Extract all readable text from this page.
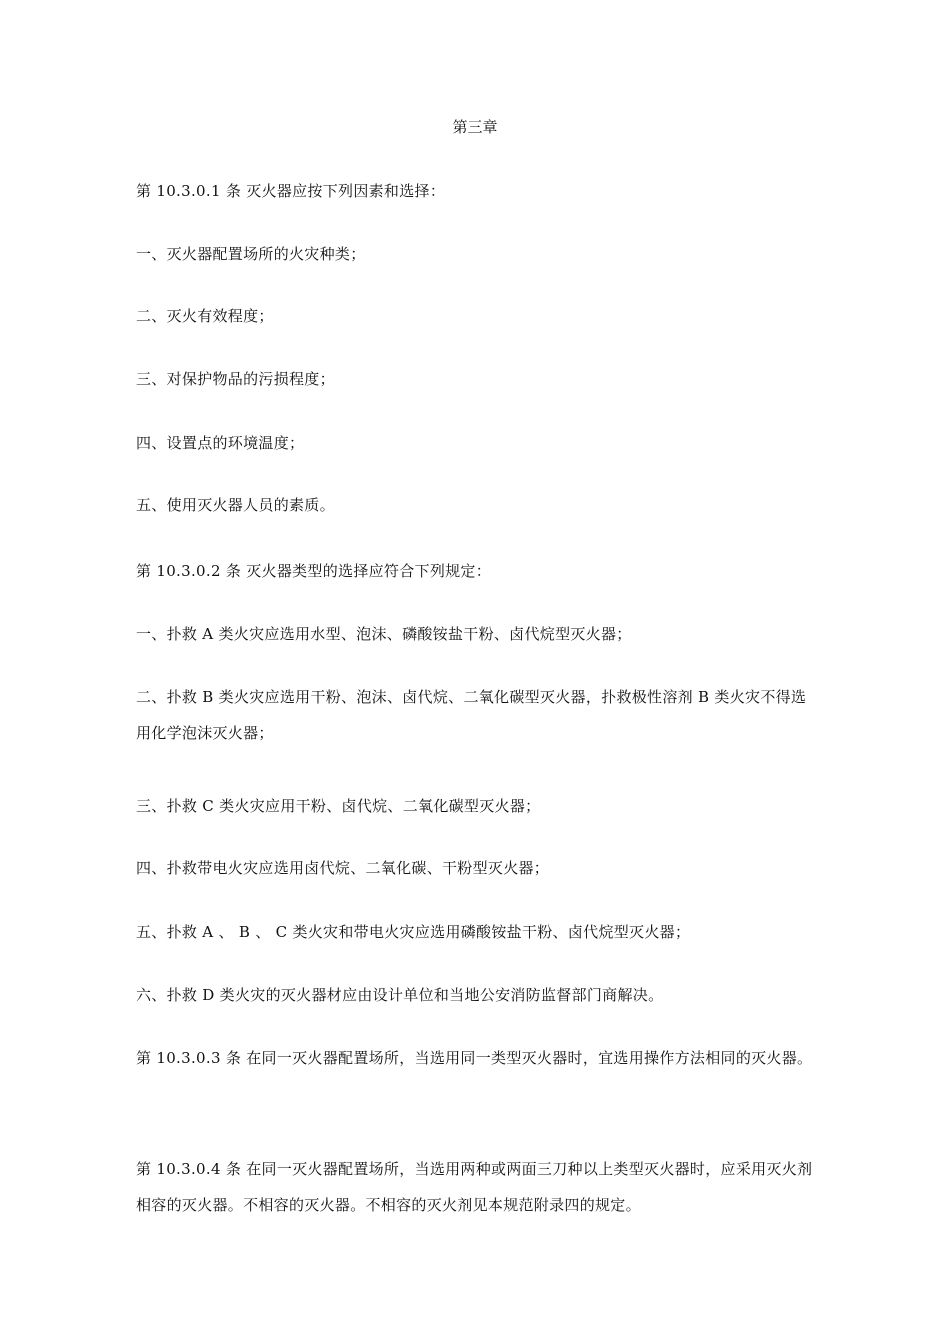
第三章
第 10.3.0.1 条 灭火器应按下列因素和选择：
一、灭火器配置场所的火灾种类；
二、灭火有效程度；
三、对保护物品的污损程度；
四、设置点的环境温度；
五、使用灭火器人员的素质。
第 10.3.0.2 条 灭火器类型的选择应符合下列规定：
一、扑救 A 类火灾应选用水型、泡沫、磷酸铵盐干粉、卤代烷型灭火器；
二、扑救 B 类火灾应选用干粉、泡沫、卤代烷、二氧化碳型灭火器，扑救极性溶剂 B 类火灾不得选用化学泡沫灭火器；
三、扑救 C 类火灾应用干粉、卤代烷、二氧化碳型灭火器；
四、扑救带电火灾应选用卤代烷、二氧化碳、干粉型灭火器；
五、扑救 A 、 B 、 C 类火灾和带电火灾应选用磷酸铵盐干粉、卤代烷型灭火器；
六、扑救 D 类火灾的灭火器材应由设计单位和当地公安消防监督部门商解决。
第 10.3.0.3 条 在同一灭火器配置场所，当选用同一类型灭火器时，宜选用操作方法相同的灭火器。
第 10.3.0.4 条 在同一灭火器配置场所，当选用两种或两面三刀种以上类型灭火器时，应采用灭火剂相容的灭火器。不相容的灭火器。不相容的灭火剂见本规范附录四的规定。
